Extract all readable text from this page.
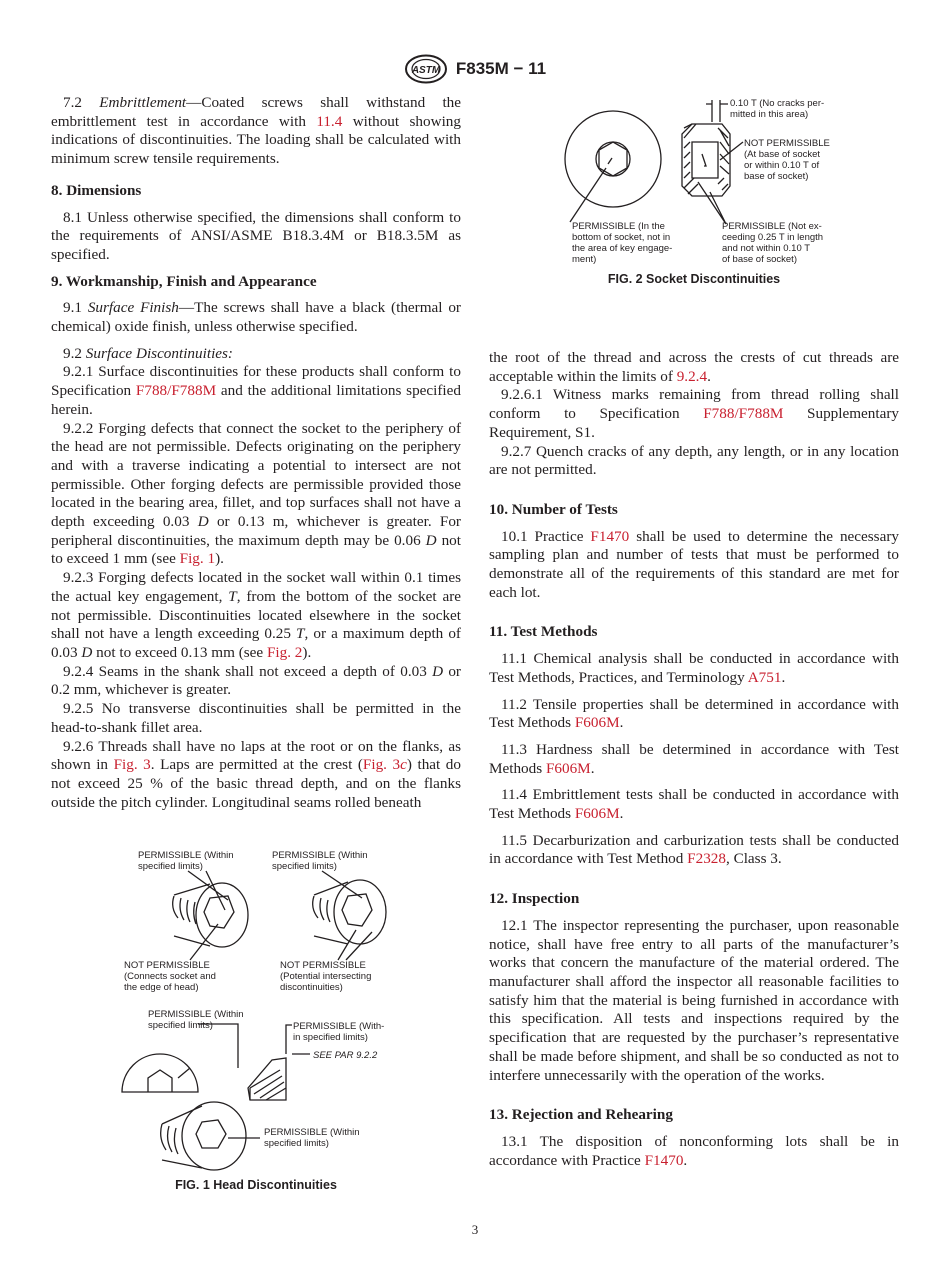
ASTM F835M − 11

7.2 Embrittlement—Coated screws shall withstand the embrittlement test in accordance with 11.4 without showing indications of discontinuities. The loading shall be calculated with minimum screw tensile requirements.

8. Dimensions

8.1 Unless otherwise specified, the dimensions shall conform to the requirements of ANSI/ASME B18.3.4M or B18.3.5M as specified.

9. Workmanship, Finish and Appearance

9.1 Surface Finish—The screws shall have a black (thermal or chemical) oxide finish, unless otherwise specified.

9.2 Surface Discontinuities:

9.2.1 Surface discontinuities for these products shall conform to Specification F788/F788M and the additional limitations specified herein.

9.2.2 Forging defects that connect the socket to the periphery of the head are not permissible. Defects originating on the periphery and with a traverse indicating a potential to intersect are not permissible. Other forging defects are permissible provided those located in the bearing area, fillet, and top surfaces shall not have a depth exceeding 0.03 D or 0.13 m, whichever is greater. For peripheral discontinuities, the maximum depth may be 0.06 D not to exceed 1 mm (see Fig. 1).

9.2.3 Forging defects located in the socket wall within 0.1 times the actual key engagement, T, from the bottom of the socket are not permissible. Discontinuities located elsewhere in the socket shall not have a length exceeding 0.25 T, or a maximum depth of 0.03 D not to exceed 0.13 mm (see Fig. 2).

9.2.4 Seams in the shank shall not exceed a depth of 0.03 D or 0.2 mm, whichever is greater.

9.2.5 No transverse discontinuities shall be permitted in the head-to-shank fillet area.

9.2.6 Threads shall have no laps at the root or on the flanks, as shown in Fig. 3. Laps are permitted at the crest (Fig. 3c) that do not exceed 25 % of the basic thread depth, and on the flanks outside the pitch cylinder. Longitudinal seams rolled beneath

PERMISSIBLE (Within
specified limits)
PERMISSIBLE (Within
specified limits)
NOT PERMISSIBLE
(Connects socket and
the edge of head)
NOT PERMISSIBLE
(Potential intersecting
discontinuities)
PERMISSIBLE (Within
specified limits)	PERMISSIBLE (With-
in specified limits)
SEE PAR 9.2.2
PERMISSIBLE (Within
specified limits)
FIG. 1 Head Discontinuities
0.10 T (No cracks per-
mitted in this area)
NOT PERMISSIBLE
(At base of socket
or within 0.10 T of
base of socket)
PERMISSIBLE (In the
bottom of socket, not in
the area of key engage-
ment)
PERMISSIBLE (Not ex-
ceeding 0.25 T in length
and not within 0.10 T
of base of socket)
FIG. 2 Socket Discontinuities

the root of the thread and across the crests of cut threads are acceptable within the limits of 9.2.4.

9.2.6.1 Witness marks remaining from thread rolling shall conform to Specification F788/F788M Supplementary Requirement, S1.

9.2.7 Quench cracks of any depth, any length, or in any location are not permitted.

10. Number of Tests

10.1 Practice F1470 shall be used to determine the necessary sampling plan and number of tests that must be performed to demonstrate all of the requirements of this standard are met for each lot.

11. Test Methods

11.1 Chemical analysis shall be conducted in accordance with Test Methods, Practices, and Terminology A751.

11.2 Tensile properties shall be determined in accordance with Test Methods F606M.

11.3 Hardness shall be determined in accordance with Test Methods F606M.

11.4 Embrittlement tests shall be conducted in accordance with Test Methods F606M.

11.5 Decarburization and carburization tests shall be conducted in accordance with Test Method F2328, Class 3.

12. Inspection

12.1 The inspector representing the purchaser, upon reasonable notice, shall have free entry to all parts of the manufacturer’s works that concern the manufacture of the material ordered. The manufacturer shall afford the inspector all reasonable facilities to satisfy him that the material is being furnished in accordance with this specification. All tests and inspections required by the specification that are requested by the purchaser’s representative shall be made before shipment, and shall be so conducted as not to interfere unnecessarily with the operation of the works.

13. Rejection and Rehearing

13.1 The disposition of nonconforming lots shall be in accordance with Practice F1470.

3
